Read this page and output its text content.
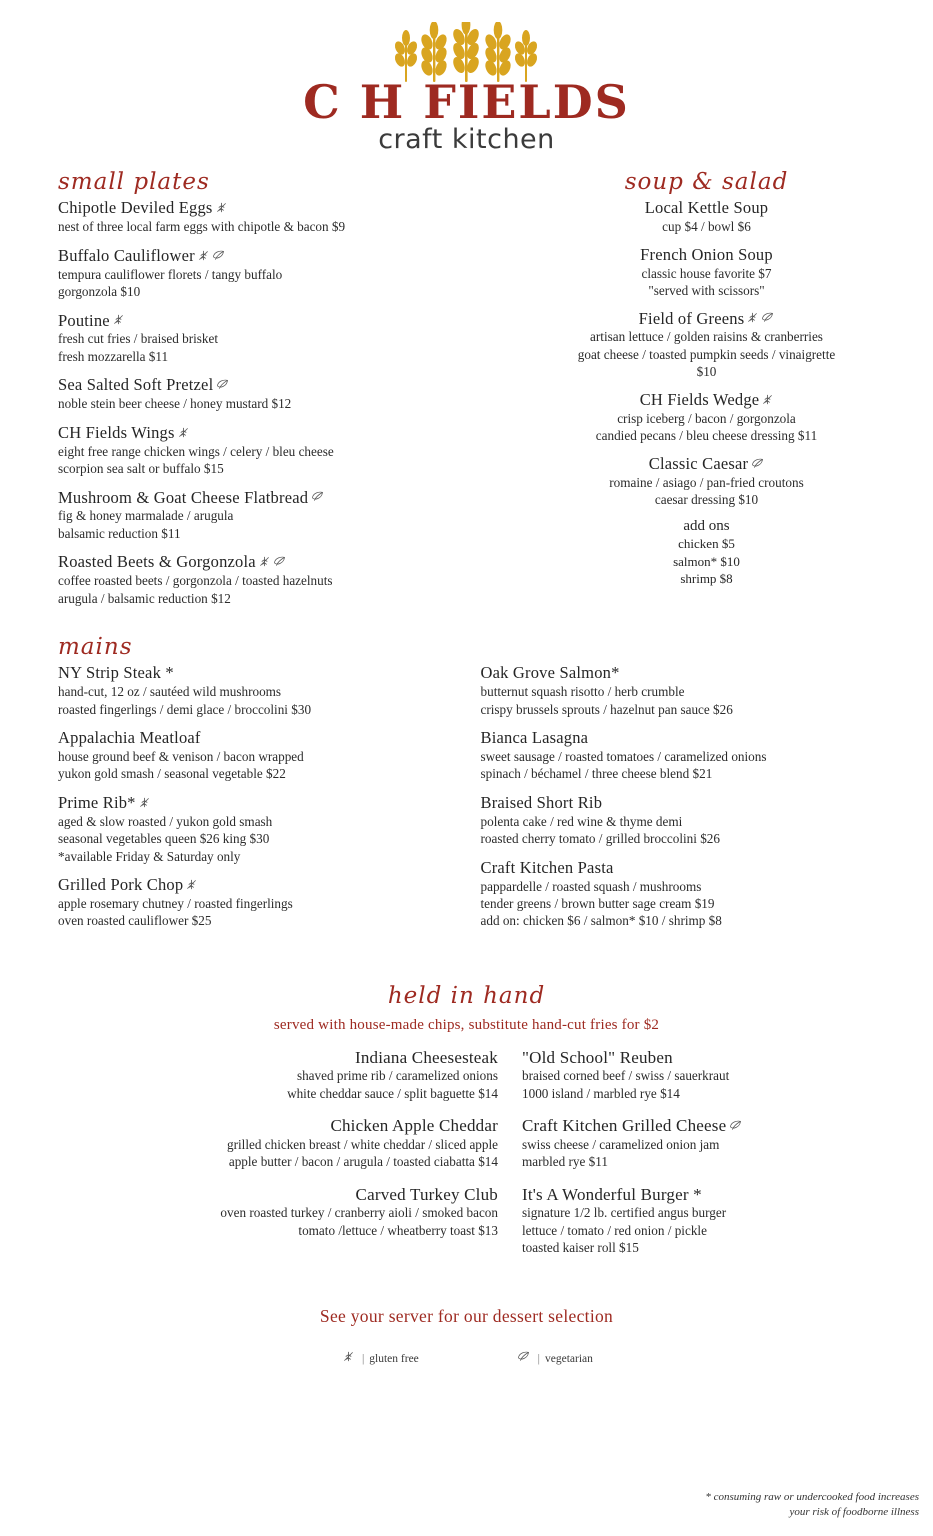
C H FIELDS
craft kitchen
small plates
Chipotle Deviled Eggs
nest of three local farm eggs with chipotle & bacon $9
Buffalo Cauliflower
tempura cauliflower florets / tangy buffalo
gorgonzola $10
Poutine
fresh cut fries / braised brisket
fresh mozzarella $11
Sea Salted Soft Pretzel
noble stein beer cheese / honey mustard $12
CH Fields Wings
eight free range chicken wings / celery / bleu cheese
scorpion sea salt or buffalo $15
Mushroom & Goat Cheese Flatbread
fig & honey marmalade / arugula
balsamic reduction $11
Roasted Beets & Gorgonzola
coffee roasted beets / gorgonzola / toasted hazelnuts
arugula / balsamic reduction $12
soup & salad
Local Kettle Soup
cup $4 / bowl $6
French Onion Soup
classic house favorite $7
"served with scissors"
Field of Greens
artisan lettuce / golden raisins & cranberries
goat cheese / toasted pumpkin seeds / vinaigrette
$10
CH Fields Wedge
crisp iceberg / bacon / gorgonzola
candied pecans / bleu cheese dressing $11
Classic Caesar
romaine / asiago / pan-fried croutons
caesar dressing $10
add ons
chicken $5
salmon* $10
shrimp $8
mains
NY Strip Steak *
hand-cut, 12 oz / sautéed wild mushrooms
roasted fingerlings / demi glace / broccolini $30
Appalachia Meatloaf
house ground beef & venison / bacon wrapped
yukon gold smash / seasonal vegetable $22
Prime Rib*
aged & slow roasted / yukon gold smash
seasonal vegetables queen $26 king $30
*available Friday & Saturday only
Grilled Pork Chop
apple rosemary chutney / roasted fingerlings
oven roasted cauliflower $25
Oak Grove Salmon*
butternut squash risotto / herb crumble
crispy brussels sprouts / hazelnut pan sauce $26
Bianca Lasagna
sweet sausage / roasted tomatoes / caramelized onions
spinach / béchamel / three cheese blend $21
Braised Short Rib
polenta cake / red wine & thyme demi
roasted cherry tomato / grilled broccolini $26
Craft Kitchen Pasta
pappardelle / roasted squash / mushrooms
tender greens / brown butter sage cream $19
add on: chicken $6 / salmon* $10 / shrimp $8
held in hand
served with house-made chips, substitute hand-cut fries for $2
Indiana Cheesesteak
shaved prime rib / caramelized onions
white cheddar sauce / split baguette $14
Chicken Apple Cheddar
grilled chicken breast / white cheddar / sliced apple
apple butter / bacon / arugula / toasted ciabatta $14
Carved Turkey Club
oven roasted turkey / cranberry aioli / smoked bacon
tomato /lettuce / wheatberry toast $13
"Old School" Reuben
braised corned beef / swiss / sauerkraut
1000 island / marbled rye $14
Craft Kitchen Grilled Cheese
swiss cheese / caramelized onion jam
marbled rye $11
It's A Wonderful Burger *
signature 1/2 lb. certified angus burger
lettuce / tomato / red onion / pickle
toasted kaiser roll $15
See your server for our dessert selection
| gluten free	| vegetarian
* consuming raw or undercooked food increases
your risk of foodborne illness
